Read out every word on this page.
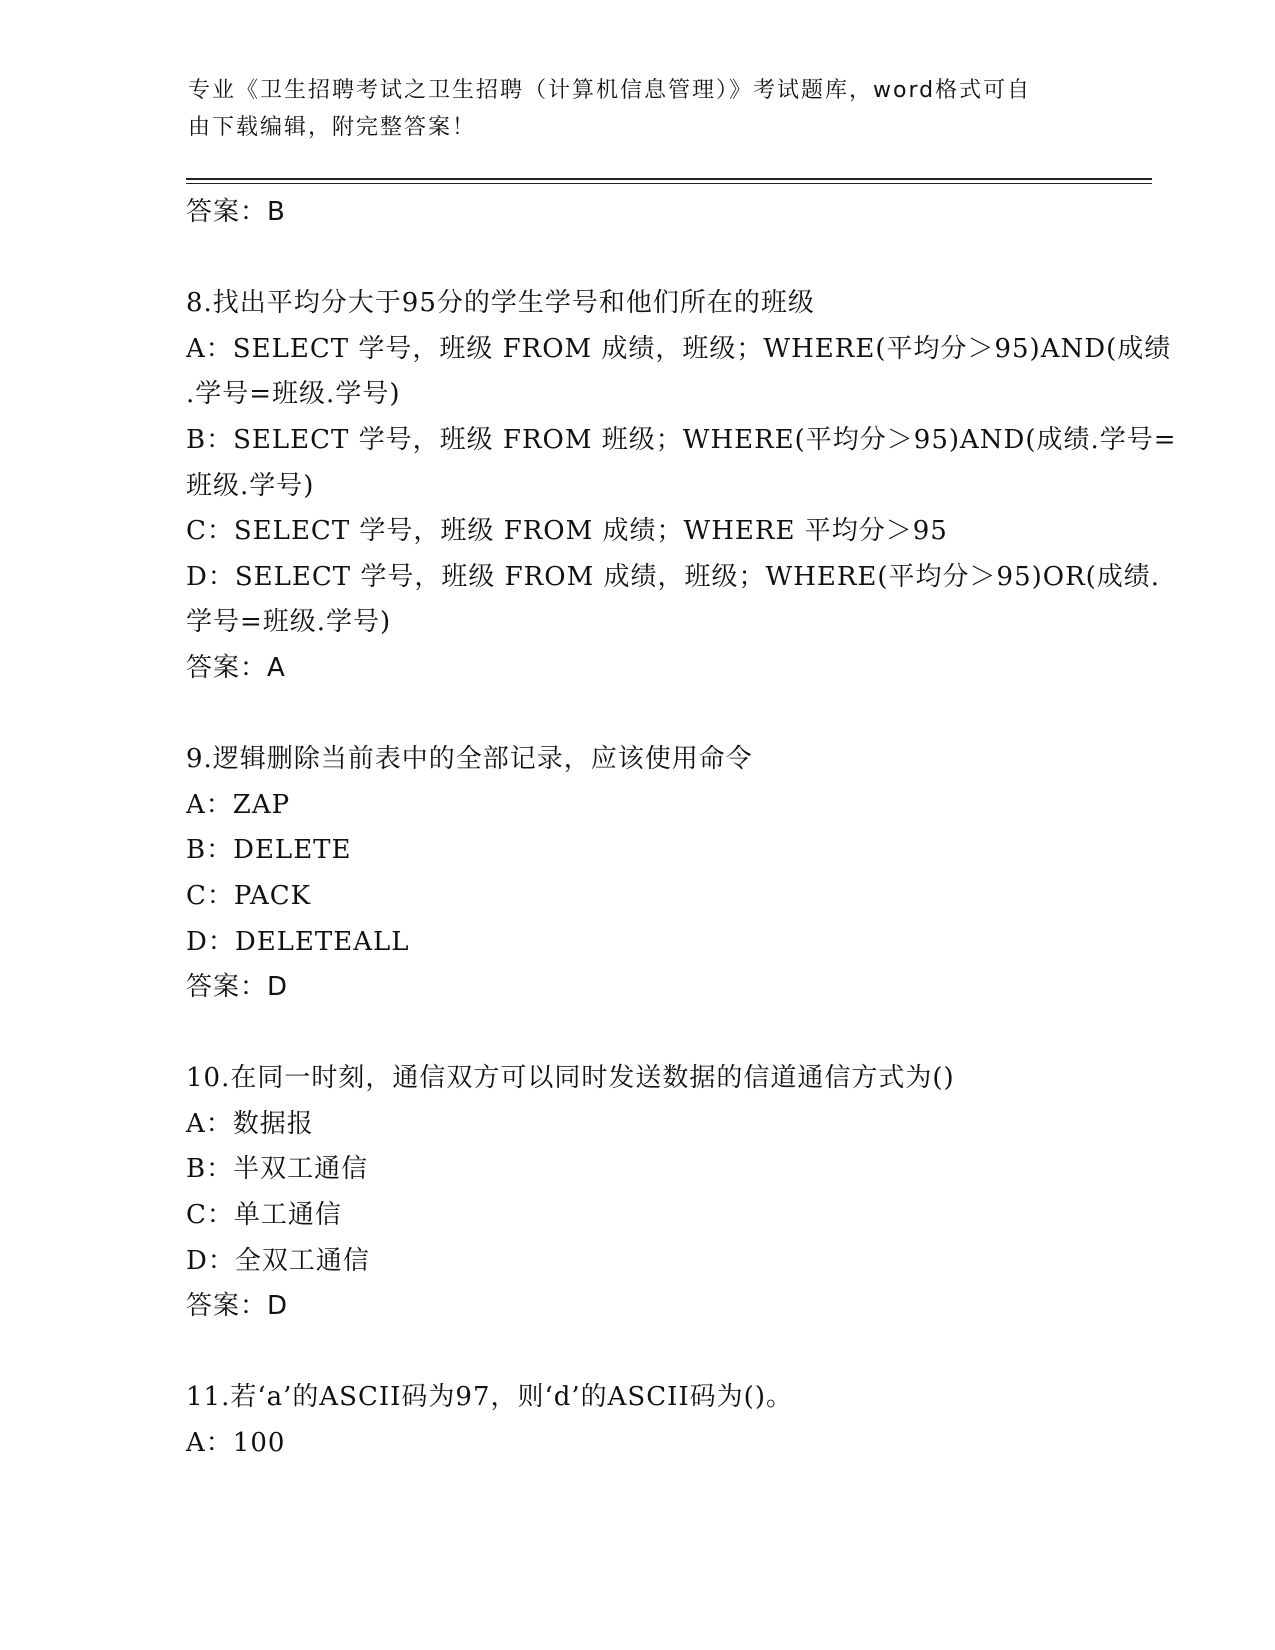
专业《卫生招聘考试之卫生招聘（计算机信息管理）》考试题库，word格式可自
由下载编辑，附完整答案！
答案：B
8.找出平均分大于95分的学生学号和他们所在的班级
A：SELECT 学号，班级 FROM 成绩，班级；WHERE(平均分＞95)AND(成绩
.学号=班级.学号)
B：SELECT 学号，班级 FROM 班级；WHERE(平均分＞95)AND(成绩.学号=
班级.学号)
C：SELECT 学号，班级 FROM 成绩；WHERE 平均分＞95
D：SELECT 学号，班级 FROM 成绩，班级；WHERE(平均分＞95)OR(成绩.
学号=班级.学号)
答案：A
9.逻辑删除当前表中的全部记录，应该使用命令
A：ZAP
B：DELETE
C：PACK
D：DELETEALL
答案：D
10.在同一时刻，通信双方可以同时发送数据的信道通信方式为()
A：数据报
B：半双工通信
C：单工通信
D：全双工通信
答案：D
11.若‘a’的ASCII码为97，则‘d’的ASCII码为()。
A：100
